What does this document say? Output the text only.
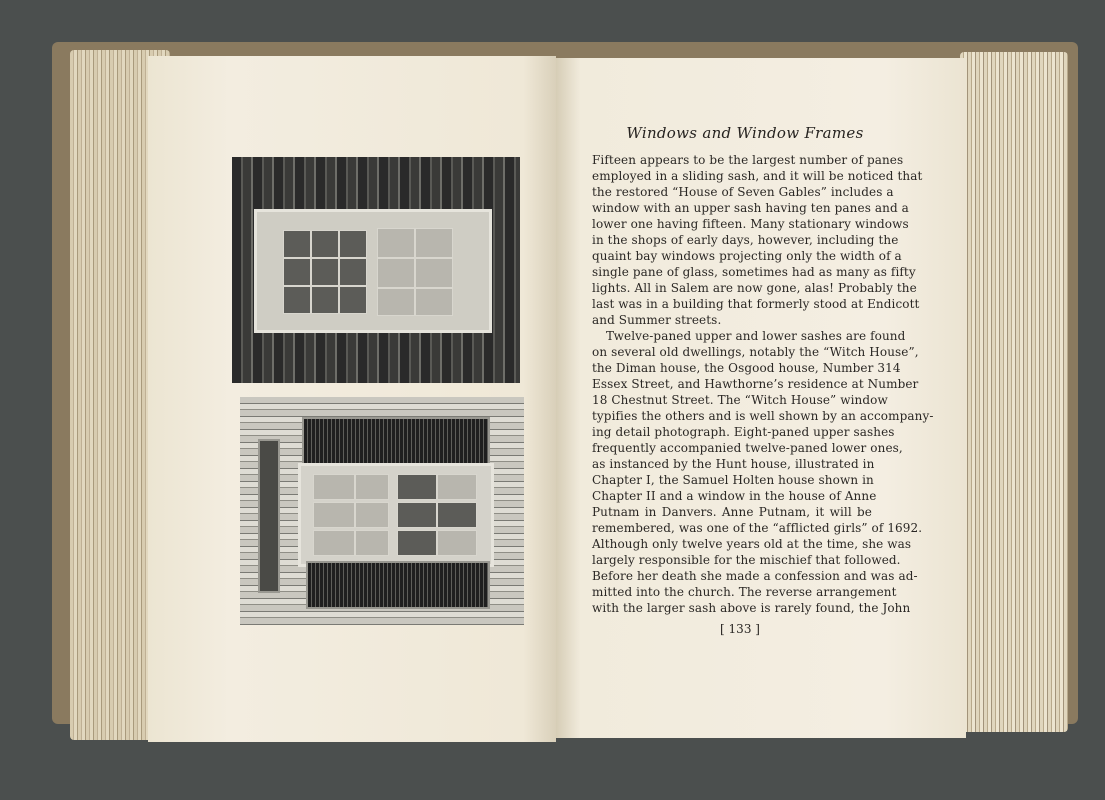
Windows and Window Frames
Fifteen appears to be the largest number of panes
employed in a sliding sash, and it will be noticed that
the restored “House of Seven Gables” includes a
window with an upper sash having ten panes and a
lower one having fifteen. Many stationary windows
in the shops of early days, however, including the
quaint bay windows projecting only the width of a
single pane of glass, sometimes had as many as fifty
lights. All in Salem are now gone, alas! Probably the
last was in a building that formerly stood at Endicott
and Summer streets.
Twelve-paned upper and lower sashes are found
on several old dwellings, notably the “Witch House”,
the Diman house, the Osgood house, Number 314
Essex Street, and Hawthorne’s residence at Number
18 Chestnut Street. The “Witch House” window
typifies the others and is well shown by an accompany-
ing detail photograph. Eight-paned upper sashes
frequently accompanied twelve-paned lower ones,
as instanced by the Hunt house, illustrated in
Chapter I, the Samuel Holten house shown in
Chapter II and a window in the house of Anne
Putnam in Danvers. Anne Putnam, it will be
remembered, was one of the “afflicted girls” of 1692.
Although only twelve years old at the time, she was
largely responsible for the mischief that followed.
Before her death she made a confession and was ad-
mitted into the church. The reverse arrangement
with the larger sash above is rarely found, the John
[ 133 ]
